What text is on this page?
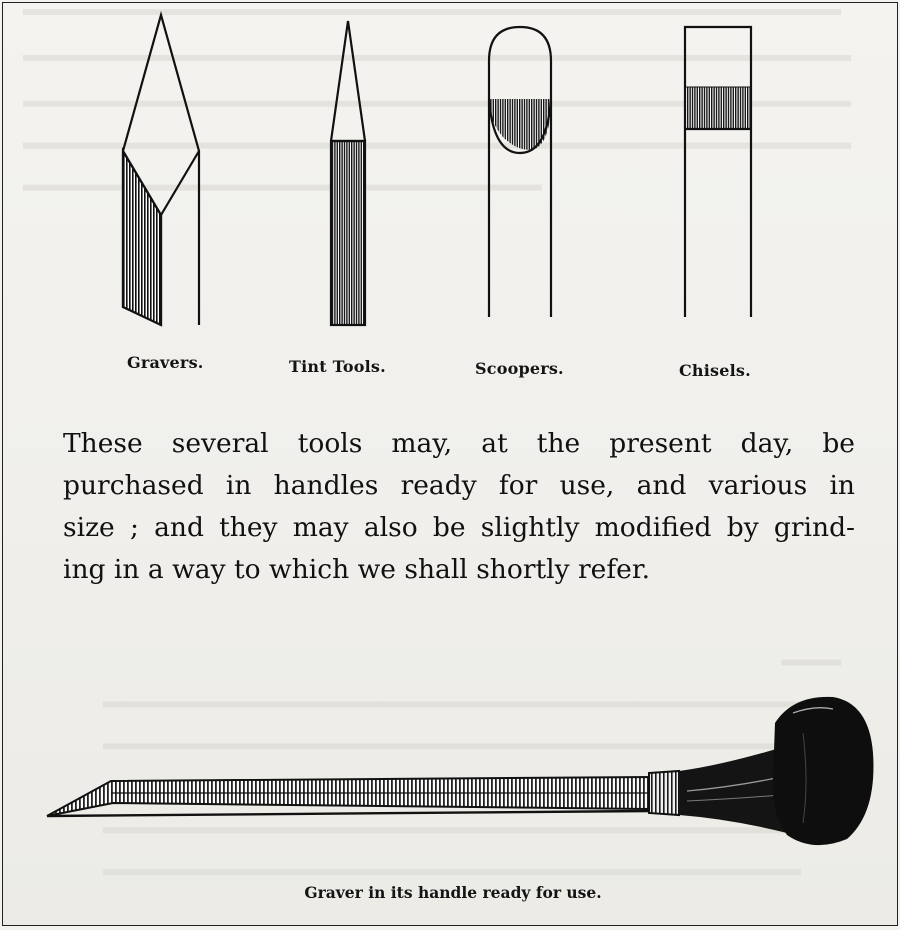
Gravers.	Tint Tools.	Scoopers.	Chisels.
These several tools may, at the present day, be
purchased in handles ready for use, and various in
size ; and they may also be slightly modified by grind-
ing in a way to which we shall shortly refer.
Graver in its handle ready for use.
